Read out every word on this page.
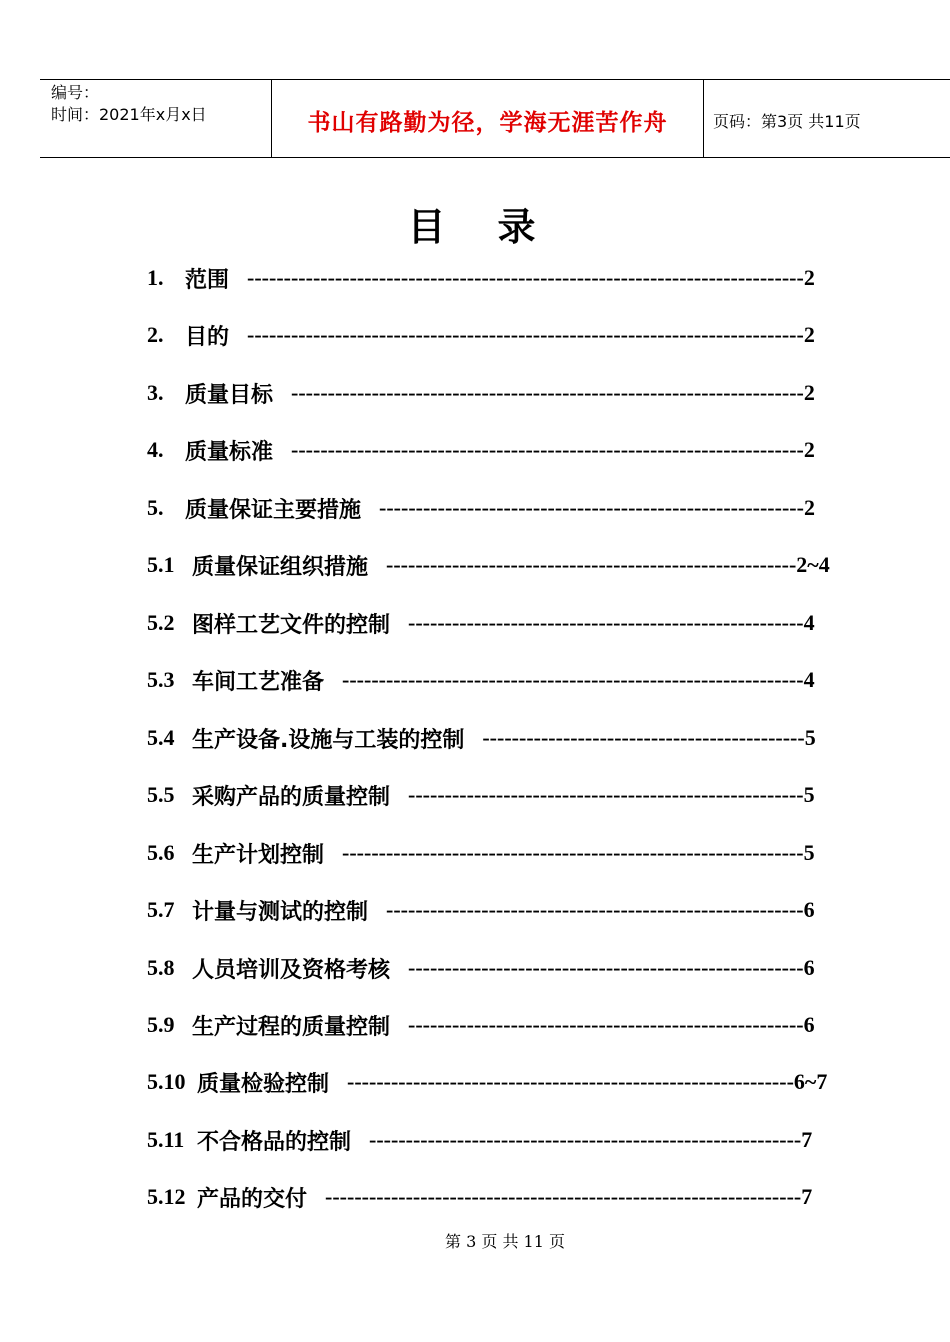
编号：
时间：2021年x月x日	书山有路勤为径，学海无涯苦作舟	页码：第3页 共11页
目录
1. 范围 ---------------------------------------------------------------------------- 2
2. 目的 ---------------------------------------------------------------------------- 2
3. 质量目标 ---------------------------------------------------------------------- 2
4. 质量标准 ---------------------------------------------------------------------- 2
5. 质量保证主要措施 ---------------------------------------------------------- 2
5.1 质量保证组织措施 -------------------------------------------------------- 2~4
5.2 图样工艺文件的控制 ------------------------------------------------------ 4
5.3 车间工艺准备 --------------------------------------------------------------- 4
5.4 生产设备.设施与工装的控制 -------------------------------------------- 5
5.5 采购产品的质量控制 ------------------------------------------------------ 5
5.6 生产计划控制 --------------------------------------------------------------- 5
5.7 计量与测试的控制 --------------------------------------------------------- 6
5.8 人员培训及资格考核 ------------------------------------------------------ 6
5.9 生产过程的质量控制 ------------------------------------------------------ 6
5.10 质量检验控制 ------------------------------------------------------------- 6~7
5.11 不合格品的控制 ----------------------------------------------------------- 7
5.12 产品的交付 ----------------------------------------------------------------- 7
第 3 页 共 11 页
